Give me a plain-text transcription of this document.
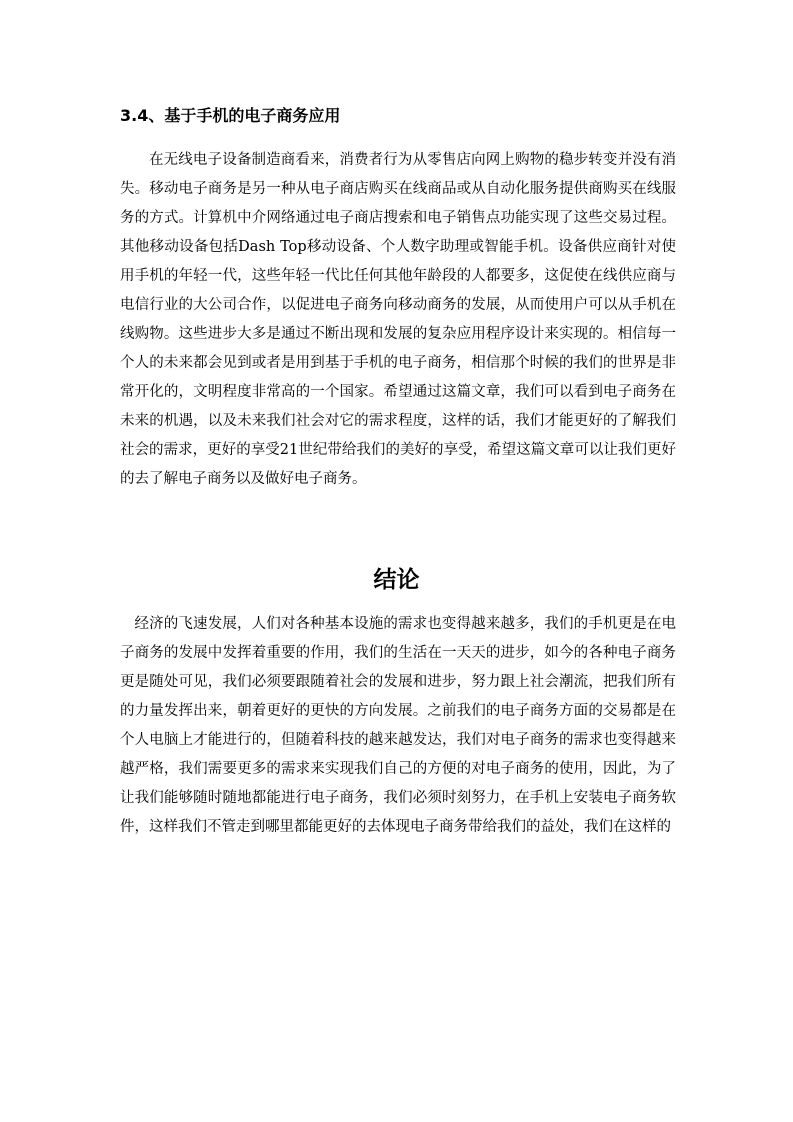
3.4、基于手机的电子商务应用

在无线电子设备制造商看来，消费者行为从零售店向网上购物的稳步转变并没有消失。移动电子商务是另一种从电子商店购买在线商品或从自动化服务提供商购买在线服务的方式。计算机中介网络通过电子商店搜索和电子销售点功能实现了这些交易过程。其他移动设备包括Dash Top移动设备、个人数字助理或智能手机。设备供应商针对使用手机的年轻一代，这些年轻一代比任何其他年龄段的人都要多，这促使在线供应商与电信行业的大公司合作，以促进电子商务向移动商务的发展，从而使用户可以从手机在线购物。这些进步大多是通过不断出现和发展的复杂应用程序设计来实现的。相信每一个人的未来都会见到或者是用到基于手机的电子商务，相信那个时候的我们的世界是非常开化的，文明程度非常高的一个国家。希望通过这篇文章，我们可以看到电子商务在未来的机遇，以及未来我们社会对它的需求程度，这样的话，我们才能更好的了解我们社会的需求，更好的享受21世纪带给我们的美好的享受，希望这篇文章可以让我们更好的去了解电子商务以及做好电子商务。

结论

经济的飞速发展，人们对各种基本设施的需求也变得越来越多，我们的手机更是在电子商务的发展中发挥着重要的作用，我们的生活在一天天的进步，如今的各种电子商务更是随处可见，我们必须要跟随着社会的发展和进步，努力跟上社会潮流，把我们所有的力量发挥出来，朝着更好的更快的方向发展。之前我们的电子商务方面的交易都是在个人电脑上才能进行的，但随着科技的越来越发达，我们对电子商务的需求也变得越来越严格，我们需要更多的需求来实现我们自己的方便的对电子商务的使用，因此，为了让我们能够随时随地都能进行电子商务，我们必须时刻努力，在手机上安装电子商务软件，这样我们不管走到哪里都能更好的去体现电子商务带给我们的益处，我们在这样的
